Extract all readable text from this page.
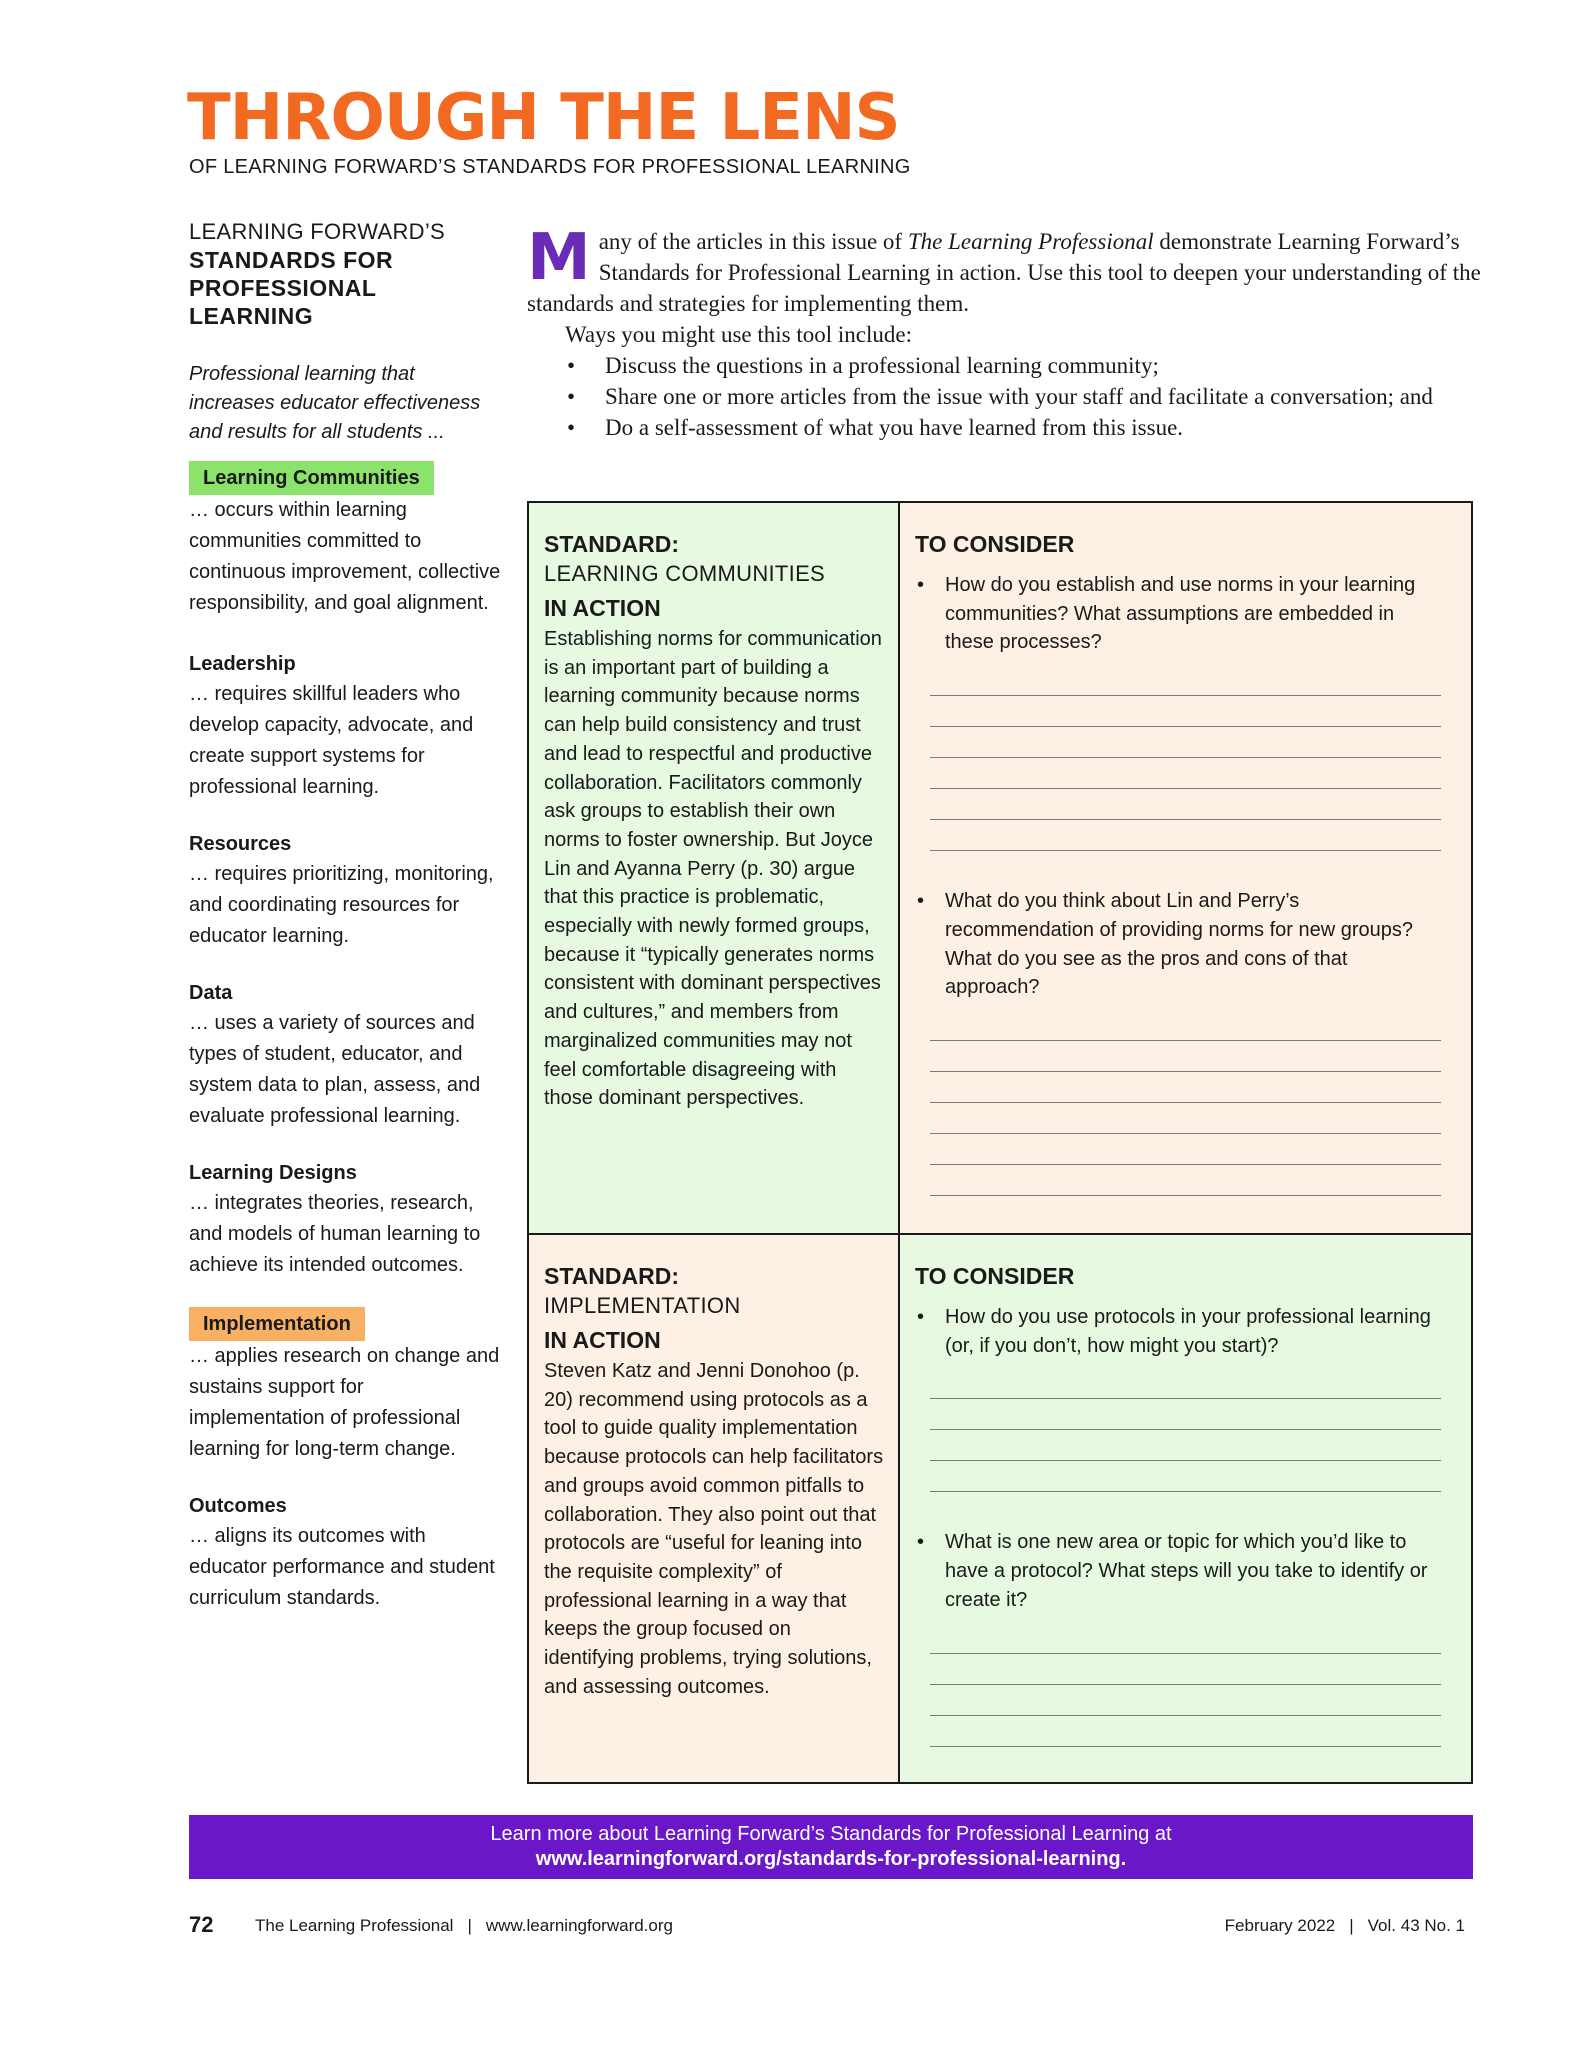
THROUGH THE LENS
OF LEARNING FORWARD’S STANDARDS FOR PROFESSIONAL LEARNING
LEARNING FORWARD’S
STANDARDS FOR PROFESSIONAL LEARNING
Professional learning that increases educator effectiveness and results for all students ...
Learning Communities
… occurs within learning communities committed to continuous improvement, collective responsibility, and goal alignment.
Leadership
… requires skillful leaders who develop capacity, advocate, and create support systems for professional learning.
Resources
… requires prioritizing, monitoring, and coordinating resources for educator learning.
Data
… uses a variety of sources and types of student, educator, and system data to plan, assess, and evaluate professional learning.
Learning Designs
… integrates theories, research, and models of human learning to achieve its intended outcomes.
Implementation
… applies research on change and sustains support for implementation of professional learning for long-term change.
Outcomes
… aligns its outcomes with educator performance and student curriculum standards.
M any of the articles in this issue of The Learning Professional demonstrate Learning Forward’s Standards for Professional Learning in action. Use this tool to deepen your understanding of the standards and strategies for implementing them.

Ways you might use this tool include:

• Discuss the questions in a professional learning community;
• Share one or more articles from the issue with your staff and facilitate a conversation; and
• Do a self-assessment of what you have learned from this issue.
STANDARD:
LEARNING COMMUNITIES
IN ACTION
Establishing norms for communication is an important part of building a learning community because norms can help build consistency and trust and lead to respectful and productive collaboration. Facilitators commonly ask groups to establish their own norms to foster ownership. But Joyce Lin and Ayanna Perry (p. 30) argue that this practice is problematic, especially with newly formed groups, because it “typically generates norms consistent with dominant perspectives and cultures,” and members from marginalized communities may not feel comfortable disagreeing with those dominant perspectives.
TO CONSIDER
• How do you establish and use norms in your learning communities? What assumptions are embedded in these processes?
• What do you think about Lin and Perry’s recommendation of providing norms for new groups? What do you see as the pros and cons of that approach?
STANDARD:
IMPLEMENTATION
IN ACTION
Steven Katz and Jenni Donohoo (p. 20) recommend using protocols as a tool to guide quality implementation because protocols can help facilitators and groups avoid common pitfalls to collaboration. They also point out that protocols are “useful for leaning into the requisite complexity” of professional learning in a way that keeps the group focused on identifying problems, trying solutions, and assessing outcomes.
TO CONSIDER
• How do you use protocols in your professional learning (or, if you don’t, how might you start)?
• What is one new area or topic for which you’d like to have a protocol? What steps will you take to identify or create it?
Learn more about Learning Forward’s Standards for Professional Learning at
www.learningforward.org/standards-for-professional-learning.
72 The Learning Professional | www.learningforward.org	February 2022 | Vol. 43 No. 1
